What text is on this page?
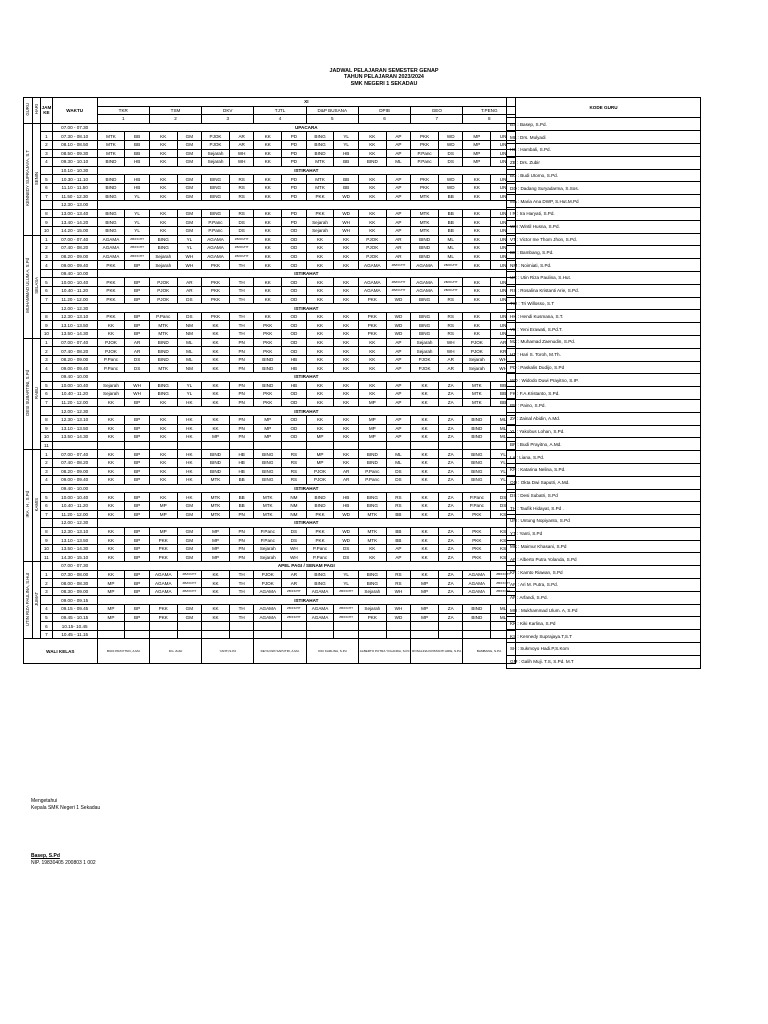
JADWAL PELAJARAN SEMESTER GENAP
TAHUN PELAJARAN 2023/2024
SMK NEGERI 1 SEKADAU
GURU	HARI	JAM KE	WAKTU	XI															
				TKR		TSM		DKV		TJTL		D&P BUSANA		DPIB		GEO		T.PENG	
				1		2		3		4		5		6		7		8	
KENNEDY SUPRAJAYA, S.T	SENIN		07.00 - 07.30	UPACARA															
		1	07.30 - 08.10	MTK	BB	KK	GM	PJOK	AR	KK	PD	BING	YL	KK	AP	PKK	WD	MP	UN
		2	08.10 - 08.50	MTK	BB	KK	GM	PJOK	AR	KK	PD	BING	YL	KK	AP	PKK	WD	MP	UN
		3	08.50 - 09.30	MTK	BB	KK	GM	Sejarah	WH	KK	PD	BIND	HB	KK	AP	P.Panc	DS	MP	UN
		4	09.30 - 10.10	BIND	HB	KK	GM	Sejarah	WH	KK	PD	MTK	BB	BIND	ML	P.Panc	DS	MP	UN
			10.10 - 10.30	ISTIRAHAT															
		5	10.30 - 11.10	BIND	HB	KK	GM	BING	RS	KK	PD	MTK	BB	KK	AP	PKK	WD	KK	UN
		6	11.10 - 11.50	BIND	HB	KK	GM	BING	RS	KK	PD	MTK	BB	KK	AP	PKK	WD	KK	UN
		7	11.50 - 12.30	BING	YL	KK	GM	BING	RS	KK	PD	PKK	WD	KK	AP	MTK	BB	KK	UN
			12.30 - 13.00																
		8	13.00 - 13.40	BING	YL	KK	GM	BING	RS	KK	PD	PKK	WD	KK	AP	MTK	BB	KK	UN
		9	13.40 - 14.20	BING	YL	KK	GM	P.Panc	DS	KK	PD	Sejarah	WH	KK	AP	MTK	BB	KK	UN
		10	14.20 - 15.00	BING	YL	KK	GM	P.Panc	DS	KK	OD	Sejarah	WH	KK	AP	MTK	BB	KK	UN
MUHAMMAD ULUM A, S.Pd	SELASA	1	07.00 - 07.40	AGAMA	ZB/FK/HT	BING	YL	AGAMA	ZB/FK/HT	KK	OD	KK	KK	PJOK	AR	BIND	ML	KK	UN
		2	07.40 - 08.20	AGAMA	ZB/FK/HT	BING	YL	AGAMA	ZB/FK/HT	KK	OD	KK	KK	PJOK	AR	BIND	ML	KK	UN
		3	08.20 - 09.00	AGAMA	ZB/FK/HT	Sejarah	WH	AGAMA	ZB/FK/HT	KK	OD	KK	KK	PJOK	AR	BIND	ML	KK	UN
		4	09.00 - 09.40	PKK	BP	Sejarah	WH	PKK	TH	KK	OD	KK	KK	AGAMA	ZB/FK/HT	AGAMA	ZB/FK/HT	KK	UN
			09.40 - 10.00	ISTIRAHAT															
		5	10.00 - 10.40	PKK	BP	PJOK	AR	PKK	TH	KK	OD	KK	KK	AGAMA	ZB/FK/HT	AGAMA	ZB/FK/HT	KK	UN
		6	10.40 - 11.20	PKK	BP	PJOK	AR	PKK	TH	KK	OD	KK	KK	AGAMA	ZB/FK/HT	AGAMA	ZB/FK/HT	KK	UN
		7	11.20 - 12.00	PKK	BP	PJOK	DS	PKK	TH	KK	OD	KK	KK	PKK	WD	BING	RS	KK	UN
			12.00 - 12.30	ISTIRAHAT															
		8	12.30 - 13.10	PKK	BP	P.Panc	DS	PKK	TH	KK	OD	KK	KK	PKK	WD	BING	RS	KK	UN
		9	13.10 - 13.50	KK	BP	MTK	NM	KK	TH	PKK	OD	KK	KK	PKK	WD	BING	RS	KK	UN
		10	13.50 - 14.30	KK	BP	MTK	NM	KK	TH	PKK	OD	KK	KK	PKK	WD	BING	RS	KK	UN
DESI SUBARTINI, S.Pd	RABU	1	07.00 - 07.40	PJOK	AR	BIND	ML	KK	PN	PKK	OD	KK	KK	KK	AP	Sejarah	WH	PJOK	AR
		2	07.40 - 08.20	PJOK	AR	BIND	ML	KK	PN	PKK	OD	KK	KK	KK	AP	Sejarah	WH	PJOK	KR
		3	08.20 - 09.00	P.Panc	DS	BIND	ML	KK	PN	BIND	HB	KK	KK	KK	AP	PJOK	AR	Sejarah	WH
		4	09.00 - 09.40	P.Panc	DS	MTK	NM	KK	PN	BIND	HB	KK	KK	KK	AP	PJOK	AR	Sejarah	WH
			09.40 - 10.00	ISTIRAHAT															
		5	10.00 - 10.40	Sejarah	WH	BING	YL	KK	PN	BIND	HB	KK	KK	KK	AP	KK	ZA	MTK	BB
		6	10.40 - 11.20	Sejarah	WH	BING	YL	KK	PN	PKK	OD	KK	KK	KK	AP	KK	ZA	MTK	BB
		7	11.20 - 12.00	KK	BP	KK	HK	KK	PN	PKK	OD	KK	KK	MP	AP	KK	ZA	MTK	BB
			12.00 - 12.30	ISTIRAHAT															
		8	12.30 - 13.10	KK	BP	KK	HK	KK	PN	MP	OD	KK	KK	MP	AP	KK	ZA	BIND	ML
		9	13.10 - 13.50	KK	BP	KK	HK	KK	PN	MP	OD	KK	KK	MP	AP	KK	ZA	BIND	ML
		10	13.50 - 14.30	KK	BP	KK	HK	MP	PN	MP	OD	MP	KK	MP	AP	KK	ZA	BIND	ML
		11																	
IRA . H , S.Pd	KAMIS	1	07.00 - 07.40	KK	BP	KK	HK	BIND	HB	BING	RS	MP	KK	BIND	ML	KK	ZA	BING	YL
		2	07.40 - 08.20	KK	BP	KK	HK	BIND	HB	BING	RS	MP	KK	BIND	ML	KK	ZA	BING	YL
		3	08.20 - 09.00	KK	BP	KK	HK	BIND	HB	BING	RS	PJOK	AR	P.Panc	DS	KK	ZA	BING	YL
		4	09.00 - 09.40	KK	BP	KK	HK	MTK	BB	BING	RS	PJOK	AR	P.Panc	DS	KK	ZA	BING	YL
			09.40 - 10.00	ISTIRAHAT															
		5	10.00 - 10.40	KK	BP	KK	HK	MTK	BB	MTK	NM	BIND	HB	BING	RS	KK	ZA	P.Panc	DS
		6	10.40 - 11.20	KK	BP	MP	GM	MTK	BB	MTK	NM	BIND	HB	BING	RS	KK	ZA	P.Panc	DS
		7	11.20 - 12.00	KK	BP	MP	GM	MTK	PN	MTK	NM	PKK	WD	MTK	BB	KK	ZA	PKK	KS
			12.00 - 12.30	ISTIRAHAT															
		8	12.30 - 13.10	KK	BP	MP	GM	MP	PN	P.Panc	DS	PKK	WD	MTK	BB	KK	ZA	PKK	KS
		9	13.10 - 13.50	KK	BP	PKK	GM	MP	PN	P.Panc	DS	PKK	WD	MTK	BB	KK	ZA	PKK	KS
		10	13.50 - 14.30	KK	BP	PKK	GM	MP	PN	Sejarah	WH	P.Panc	DS	KK	AP	KK	ZA	PKK	KS
		11	14.30 - 15.10	KK	BP	PKK	GM	MP	PN	Sejarah	WH	P.Panc	DS	KK	AP	KK	ZA	PKK	KS
UTIN RIZA PAULINA, S.Hut	JUMAT		07.00 - 07.30	APEL PAGI / SENAM PAGI															
		1	07.30 - 08.00	KK	BP	AGAMA	ZB/FK/HT	KK	TH	PJOK	AR	BING	YL	BING	RS	KK	ZA	AGAMA	ZB/FK/HT
		2	08.00 - 08.30	MP	BP	AGAMA	ZB/FK/HT	KK	TH	PJOK	AR	BING	YL	BING	RS	MP	ZA	AGAMA	ZB/FK/HT
		3	08.30 - 09.00	MP	BP	AGAMA	ZB/FK/HT	KK	TH	AGAMA	ZB/FK/HT	AGAMA	ZB/FK/HT	Sejarah	WH	MP	ZA	AGAMA	ZB/FK/HT
			09.00 - 09.15	ISTIRAHAT															
		4	09.15 - 09.45	MP	BP	PKK	GM	KK	TH	AGAMA	ZB/FK/HT	AGAMA	ZB/FK/HT	Sejarah	WH	MP	ZA	BIND	ML
		5	09.45 - 10.15	MP	BP	PKK	GM	KK	TH	AGAMA	ZB/FK/HT	AGAMA	ZB/FK/HT	PKK	WD	MP	ZA	BIND	ML
		6	10.15- 10.45																
		7	10.45 - 11.15																
WALI KELAS				BUDI PRAYITNO, A.Md		Drs. Zubir		YANTI,S.Pd		DEYA DWI SAPUTRI, A.Md.		KIKI KARLINA, S.Pd		ALBERTO PUTRA YOLANDA, S.Pd		ROSALINA KRISTANTI ARIE, S.Pd.		BAMBANG, S.Pd.	
KODE GURU
BS : Basep, S.Pd.
ML : Drs. Mulyadi
HB : Hambali, S.Pd.
ZB : Drs. Zubir
BU : Budi Utomo, S.Pd.
DD : Dadang Suryadarma, S.Sos.
MA : Maria Ana DWP, S.Hut.M.Pd
I R : Ira Haryati, S.Pd.
WH :Wintil Husna, S.Pd.
VT : Victor Ine Thom Jhon, S.Pd.
BB : Bambang, S.Pd.
NM : Noimiati, S.Pd.
UR : Utin Riza Paulina, S.Hut.
RS : Rosalina Kristanti Arie, S.Pd.
TW : Tri Willosso, S.T
HK : Hendi Kusmana, S.T.
YE : Yeni Erawati, S.Pd.T.
MZ : Muhamad Zaenudin, S.Pd.
HT : Hari S. Toroh, M.Th.
PD : Paskalis Dudijo, S.Pd
WD : Widodo Duwi Prayitno, S.IP.
FK : F.A.Kristanto, S.Pd.
PN : Paino, S.Pd.
ZA : Zainal Abidin, A.Md.
YL : Yakobus Lohan, S.Pd.
BP : Budi Prayitno, A.Md.
LA : Liana, S.Pd.
KN : Katarina Nelina, S.Pd.
OD : Okta Dwi Saputri, A.Md.
DS : Desi Subatri, S.Pd
TH : Taufik Hidayat, S.Pd .
UN : Untung Nopiyanto, S.Pd
YT : Yanti, S.Pd
MK : Maimur Khasani, S.Pd
AP : Alberto Putra Yolanda, S.Pd
KR : Kamto Riawan, S.Pd
AR : Ari M. Putra, S.Pd.
AF : Arfandi, S.Pd.
MU : Mukhammad Ulum. A, S.Pd
KK : Kiki Karlina, S.Pd
KS : Kennedy Suprajaya.T,S.T
SH : Sukmoyo Hadi.P,S.Kom
GM : Galih Muji. T.S, S.Pd. M.T
Mengetahui
Kepala SMK Negeri 1 Sekadau
Basep, S.Pd
NIP. 19830405 200803 1 002
